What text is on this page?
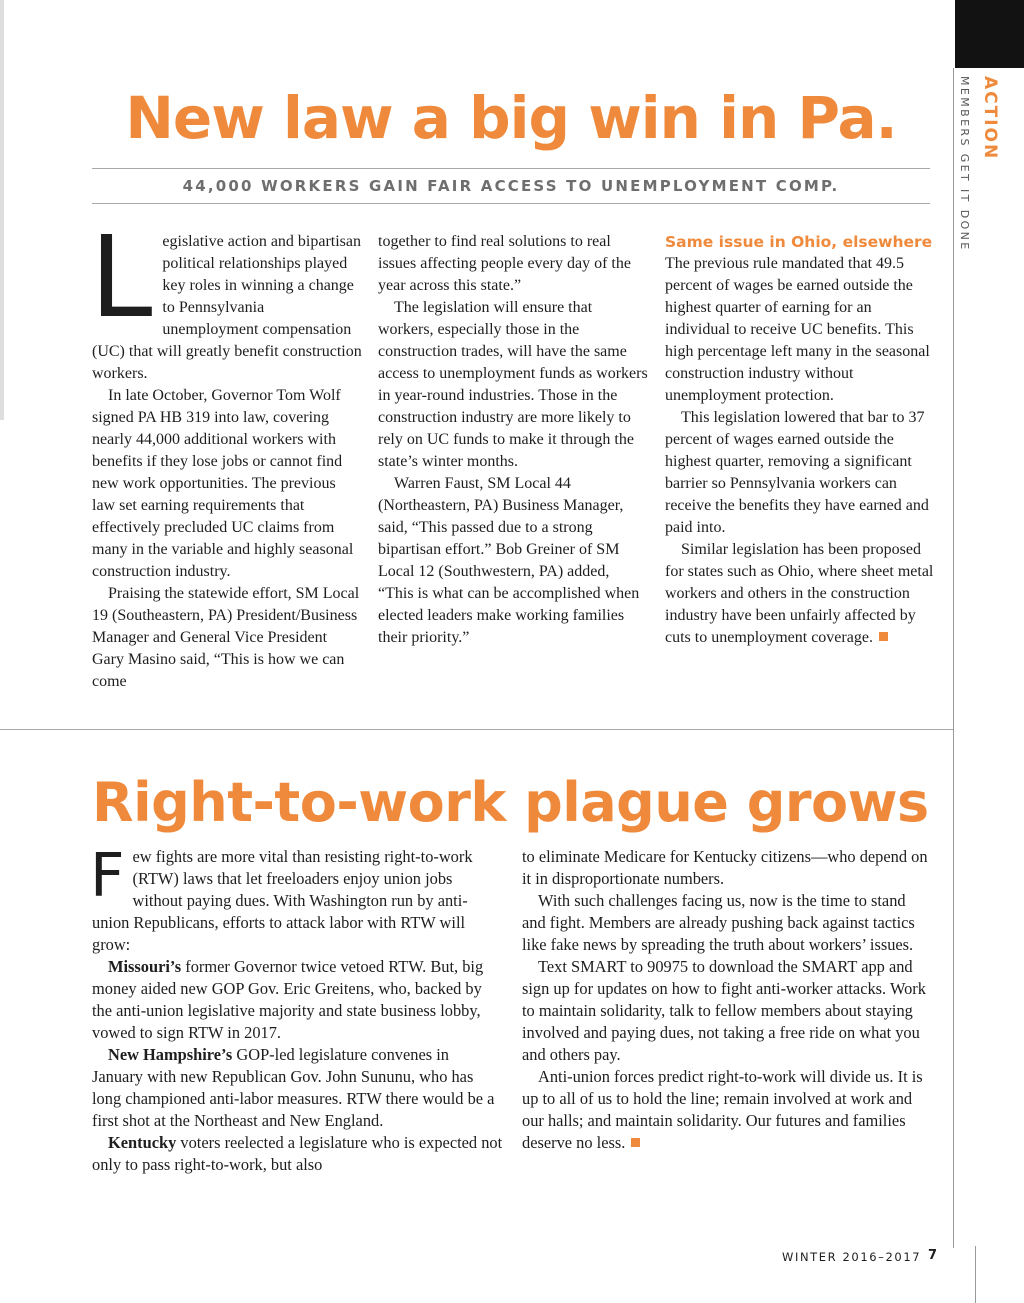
ACTION
MEMBERS GET IT DONE
New law a big win in Pa.
44,000 WORKERS GAIN FAIR ACCESS TO UNEMPLOYMENT COMP.
L egislative action and bipartisan political relationships played key roles in winning a change to Pennsylvania unemployment compensation (UC) that will greatly benefit construction workers.

In late October, Governor Tom Wolf signed PA HB 319 into law, covering nearly 44,000 additional workers with benefits if they lose jobs or cannot find new work opportunities. The previous law set earning requirements that effectively precluded UC claims from many in the variable and highly seasonal construction industry.

Praising the statewide effort, SM Local 19 (Southeastern, PA) President/Business Manager and General Vice President Gary Masino said, “This is how we can come

together to find real solutions to real issues affecting people every day of the year across this state.”

The legislation will ensure that workers, especially those in the construction trades, will have the same access to unemployment funds as workers in year-round industries. Those in the construction industry are more likely to rely on UC funds to make it through the state’s winter months.

Warren Faust, SM Local 44 (Northeastern, PA) Business Manager, said, “This passed due to a strong bipartisan effort.” Bob Greiner of SM Local 12 (Southwestern, PA) added, “This is what can be accomplished when elected leaders make working families their priority.”

Same issue in Ohio, elsewhere

The previous rule mandated that 49.5 percent of wages be earned outside the highest quarter of earning for an individual to receive UC benefits. This high percentage left many in the seasonal construction industry without unemployment protection.

This legislation lowered that bar to 37 percent of wages earned outside the highest quarter, removing a significant barrier so Pennsylvania workers can receive the benefits they have earned and paid into.

Similar legislation has been proposed for states such as Ohio, where sheet metal workers and others in the construction industry have been unfairly affected by cuts to unemployment coverage.

Right-to-work plague grows
F ew fights are more vital than resisting right-to-work (RTW) laws that let freeloaders enjoy union jobs without paying dues. With Washington run by anti-union Republicans, efforts to attack labor with RTW will grow:

Missouri’s former Governor twice vetoed RTW. But, big money aided new GOP Gov. Eric Greitens, who, backed by the anti-union legislative majority and state business lobby, vowed to sign RTW in 2017.

New Hampshire’s GOP-led legislature convenes in January with new Republican Gov. John Sununu, who has long championed anti-labor measures. RTW there would be a first shot at the Northeast and New England.

Kentucky voters reelected a legislature who is expected not only to pass right-to-work, but also

to eliminate Medicare for Kentucky citizens—who depend on it in disproportionate numbers.

With such challenges facing us, now is the time to stand and fight. Members are already pushing back against tactics like fake news by spreading the truth about workers’ issues.

Text SMART to 90975 to download the SMART app and sign up for updates on how to fight anti-worker attacks. Work to maintain solidarity, talk to fellow members about staying involved and paying dues, not taking a free ride on what you and others pay.

Anti-union forces predict right-to-work will divide us. It is up to all of us to hold the line; remain involved at work and our halls; and maintain solidarity. Our futures and families deserve no less.

WINTER 2016–2017 7
